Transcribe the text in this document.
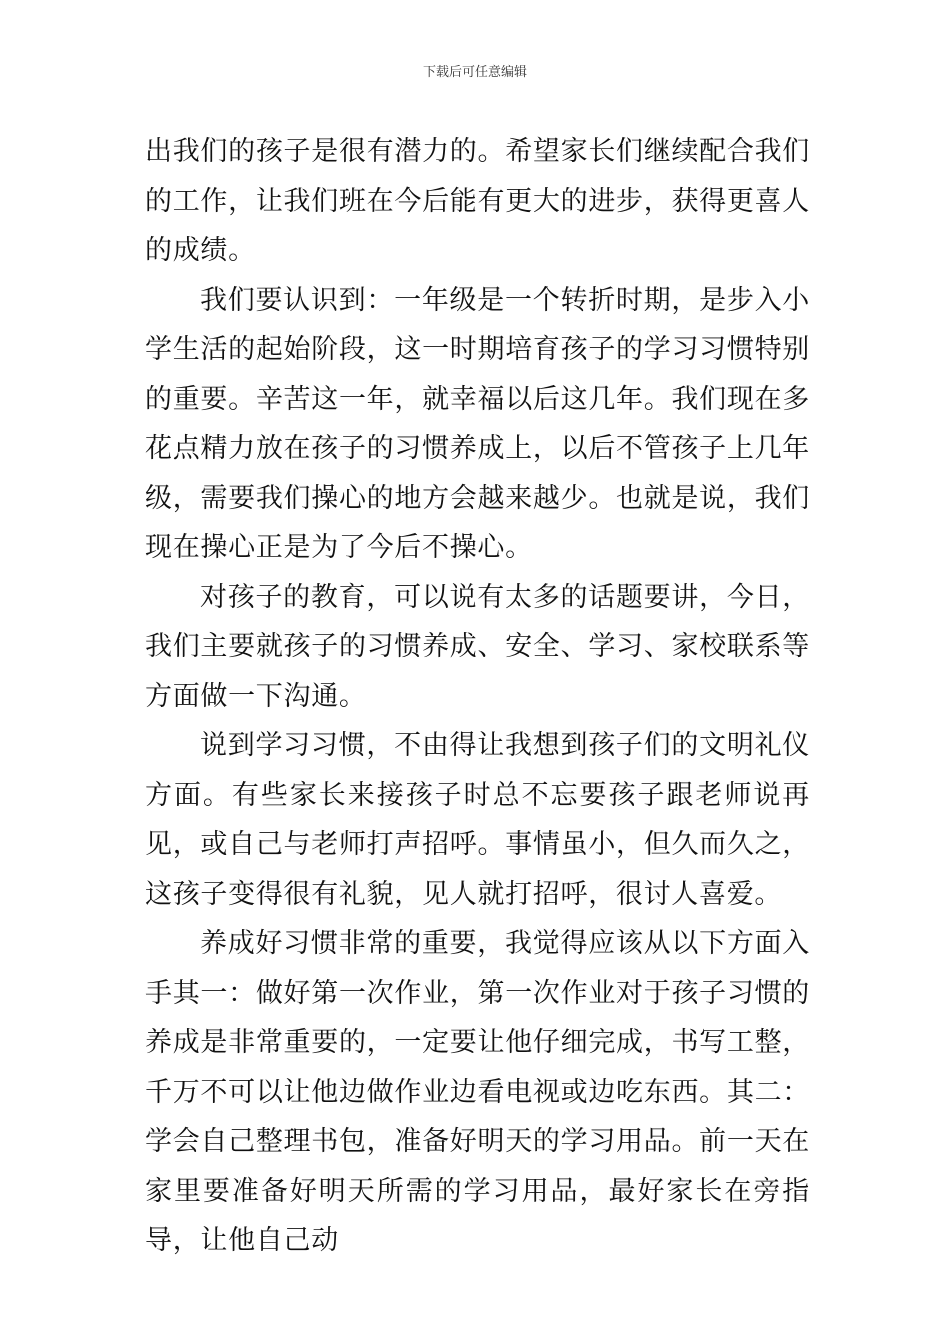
下载后可任意编辑

出我们的孩子是很有潜力的。希望家长们继续配合我们的工作，让我们班在今后能有更大的进步，获得更喜人的成绩。

我们要认识到：一年级是一个转折时期，是步入小学生活的起始阶段，这一时期培育孩子的学习习惯特别的重要。辛苦这一年，就幸福以后这几年。我们现在多花点精力放在孩子的习惯养成上，以后不管孩子上几年级，需要我们操心的地方会越来越少。也就是说，我们现在操心正是为了今后不操心。

对孩子的教育，可以说有太多的话题要讲，今日，我们主要就孩子的习惯养成、安全、学习、家校联系等方面做一下沟通。

说到学习习惯，不由得让我想到孩子们的文明礼仪方面。有些家长来接孩子时总不忘要孩子跟老师说再见，或自己与老师打声招呼。事情虽小，但久而久之，这孩子变得很有礼貌，见人就打招呼，很讨人喜爱。

养成好习惯非常的重要，我觉得应该从以下方面入手其一：做好第一次作业，第一次作业对于孩子习惯的养成是非常重要的，一定要让他仔细完成，书写工整，千万不可以让他边做作业边看电视或边吃东西。其二：学会自己整理书包，准备好明天的学习用品。前一天在家里要准备好明天所需的学习用品，最好家长在旁指导，让他自己动
